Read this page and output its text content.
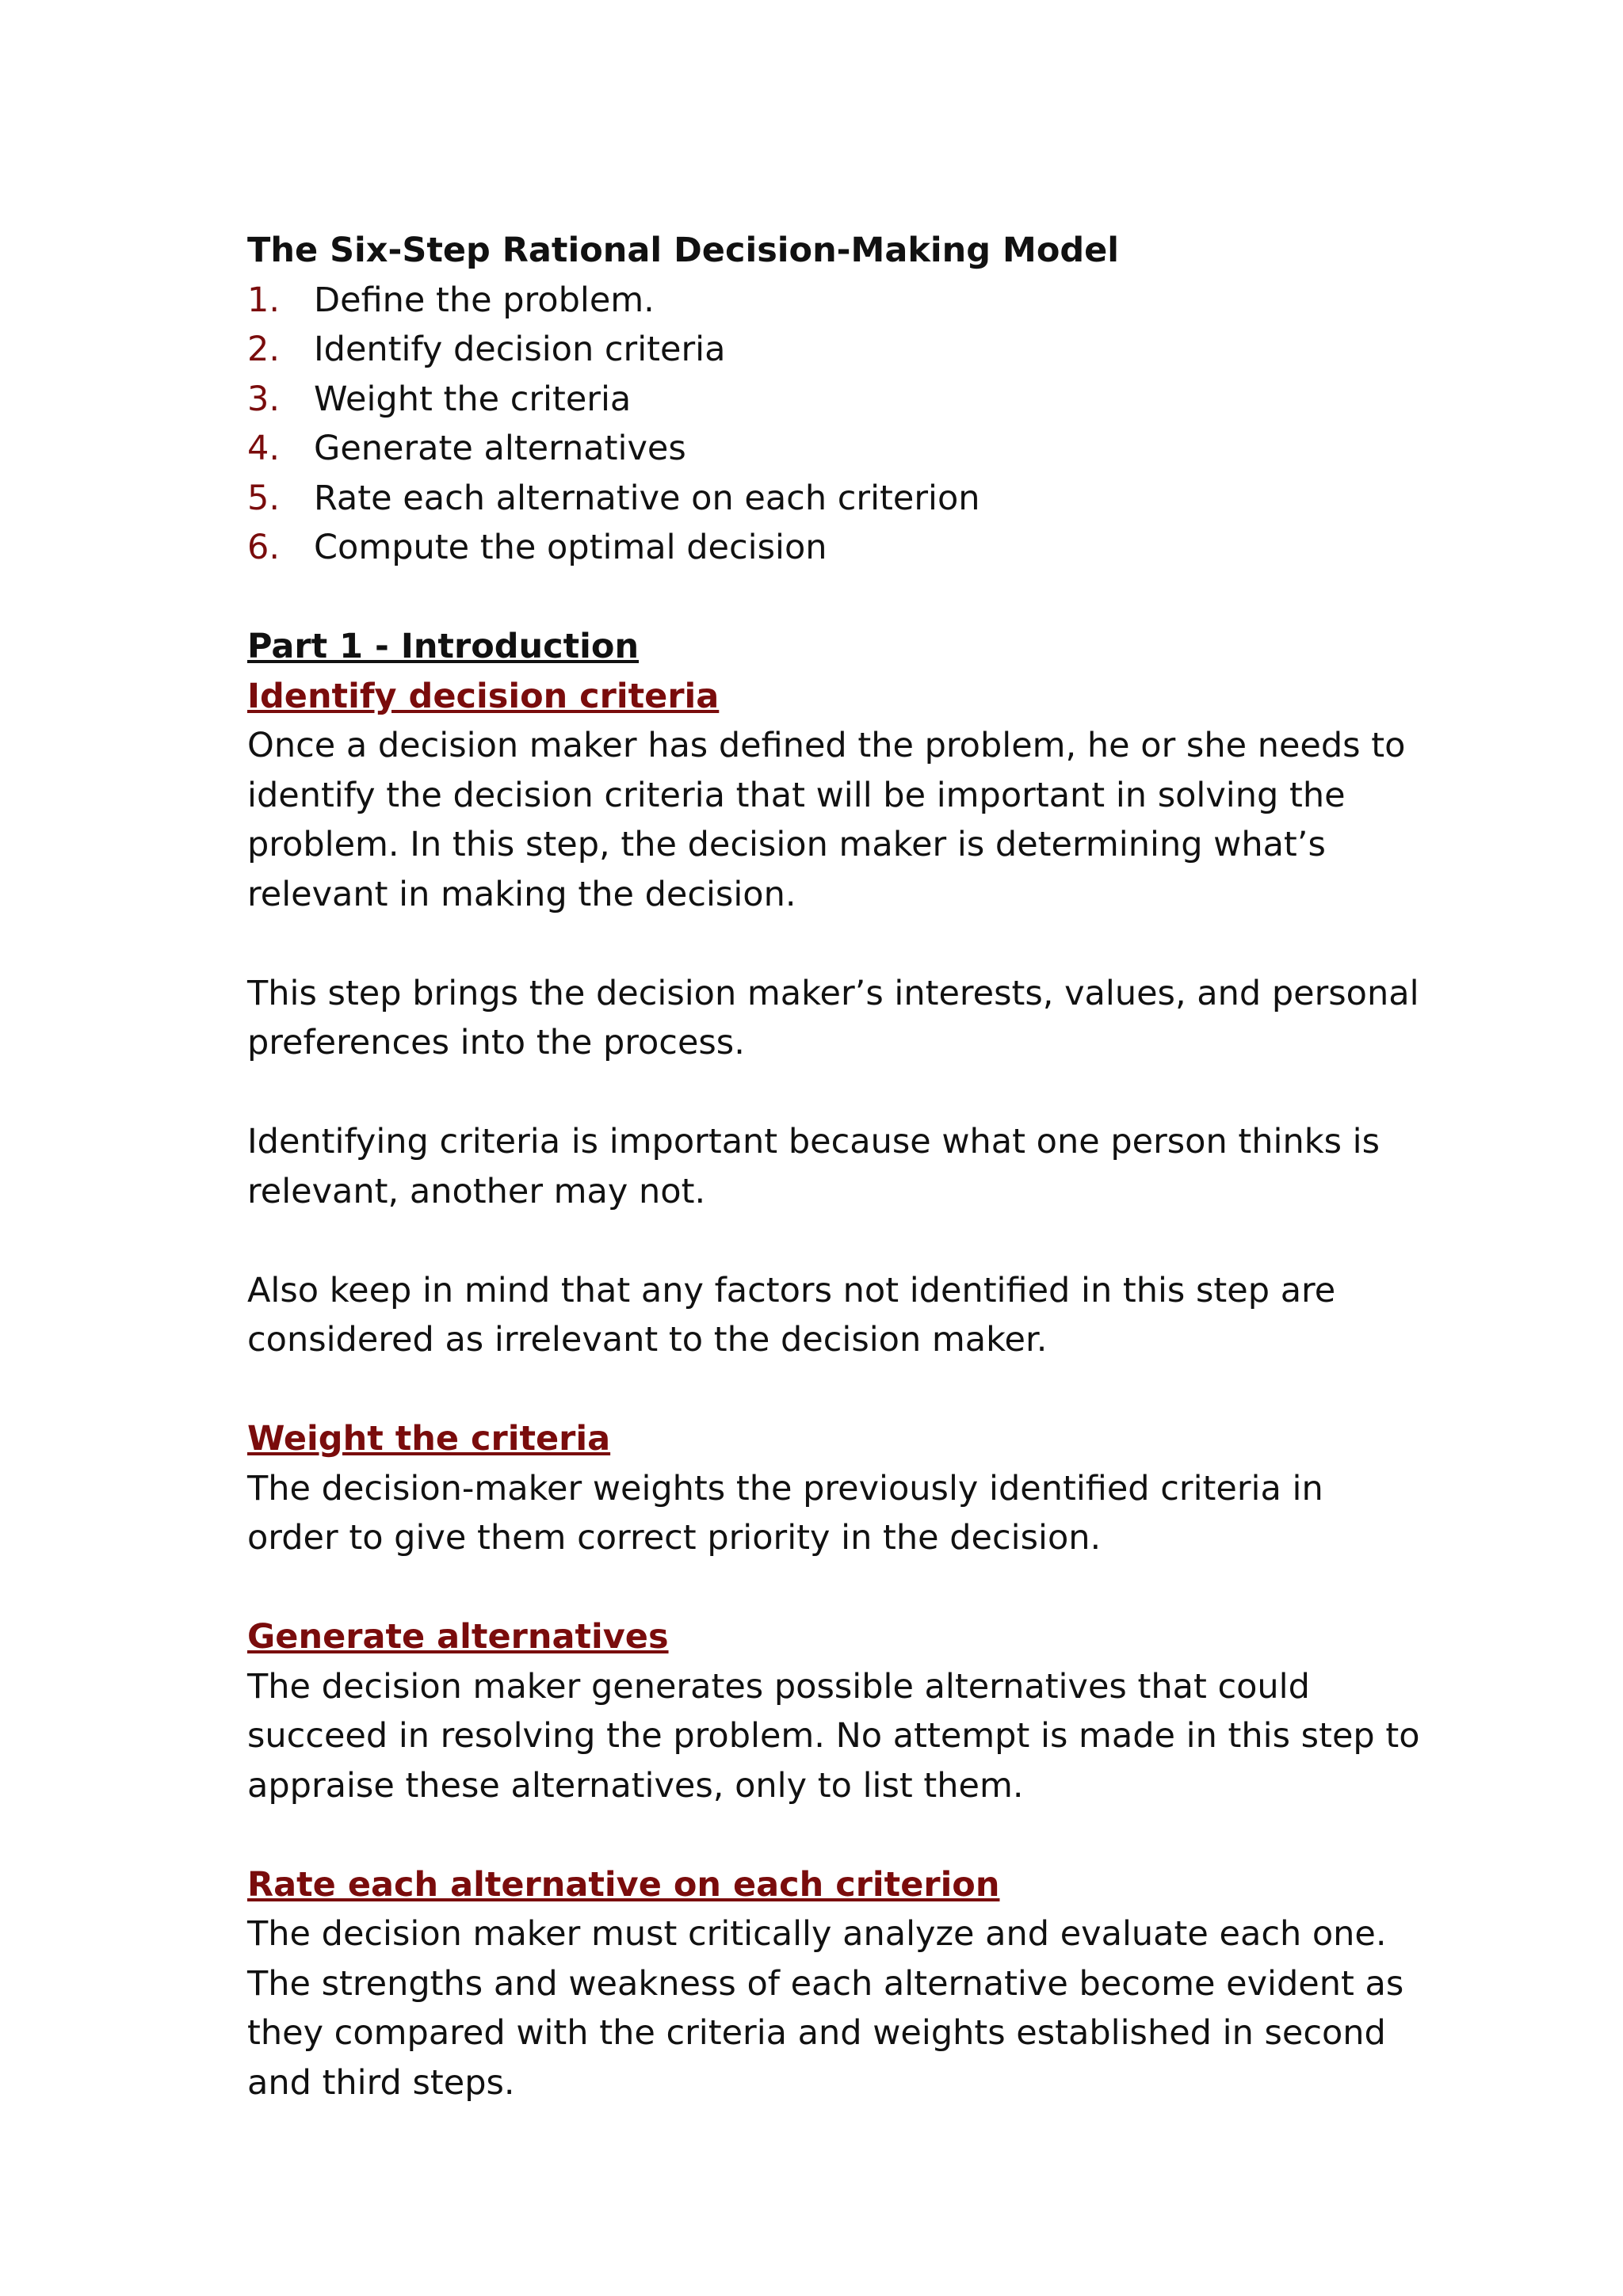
The Six-Step Rational Decision-Making Model

1. Define the problem.
2. Identify decision criteria
3. Weight the criteria
4. Generate alternatives
5. Rate each alternative on each criterion
6. Compute the optimal decision

Part 1 - Introduction

Identify decision criteria

Once a decision maker has defined the problem, he or she needs to identify the decision criteria that will be important in solving the problem. In this step, the decision maker is determining what’s relevant in making the decision.

This step brings the decision maker’s interests, values, and personal preferences into the process.

Identifying criteria is important because what one person thinks is relevant, another may not.

Also keep in mind that any factors not identified in this step are considered as irrelevant to the decision maker.

Weight the criteria

The decision-maker weights the previously identified criteria in order to give them correct priority in the decision.

Generate alternatives

The decision maker generates possible alternatives that could succeed in resolving the problem. No attempt is made in this step to appraise these alternatives, only to list them.

Rate each alternative on each criterion

The decision maker must critically analyze and evaluate each one. The strengths and weakness of each alternative become evident as they compared with the criteria and weights established in second and third steps.
